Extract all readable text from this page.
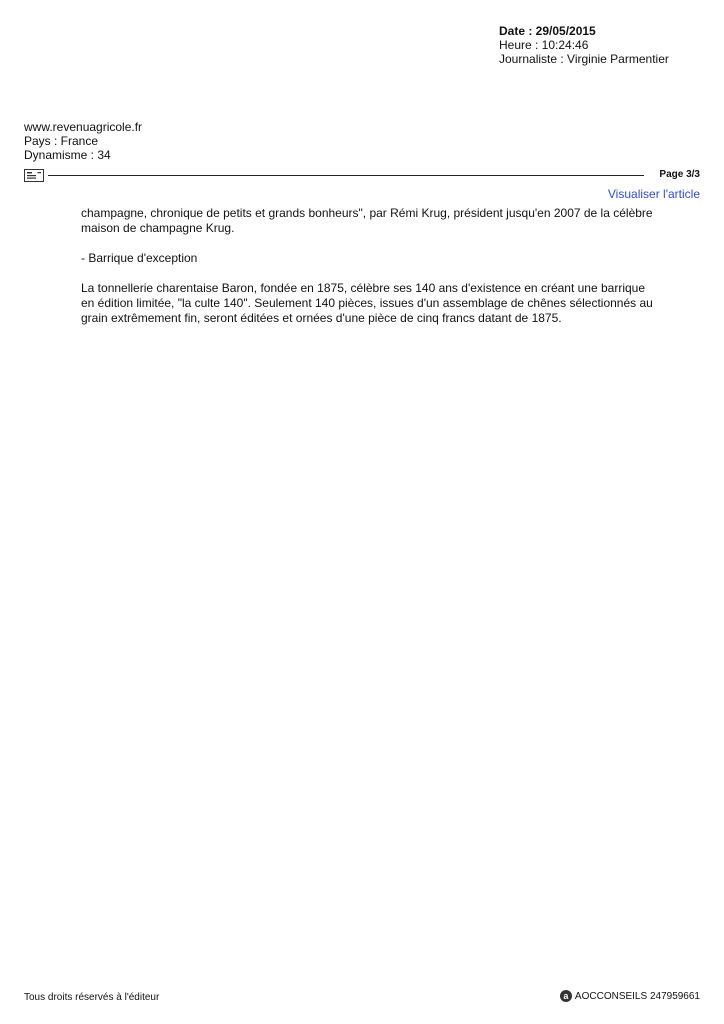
Date : 29/05/2015
Heure : 10:24:46
Journaliste : Virginie Parmentier
www.revenuagricole.fr
Pays : France
Dynamisme : 34
Page 3/3
Visualiser l'article

champagne, chronique de petits et grands bonheurs", par Rémi Krug, président jusqu'en 2007 de la célèbre maison de champagne Krug.

- Barrique d'exception

La tonnellerie charentaise Baron, fondée en 1875, célèbre ses 140 ans d'existence en créant une barrique en édition limitée, "la culte 140". Seulement 140 pièces, issues d'un assemblage de chênes sélectionnés au grain extrêmement fin, seront éditées et ornées d'une pièce de cinq francs datant de 1875.

Tous droits réservés à l'éditeur	a AOCCONSEILS 247959661
